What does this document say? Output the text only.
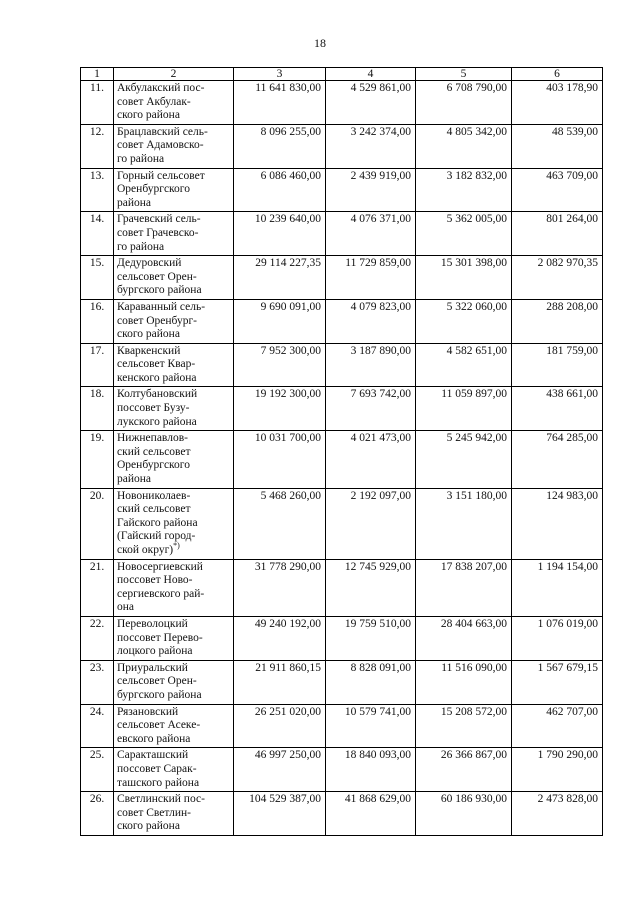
18
1	2	3	4	5	6
11.	Акбулакский пос-
совет Акбулак-
ского района	11 641 830,00	4 529 861,00	6 708 790,00	403 178,90
12.	Брацлавский сель-
совет Адамовско-
го района	8 096 255,00	3 242 374,00	4 805 342,00	48 539,00
13.	Горный сельсовет
Оренбургского
района	6 086 460,00	2 439 919,00	3 182 832,00	463 709,00
14.	Грачевский сель-
совет Грачевско-
го района	10 239 640,00	4 076 371,00	5 362 005,00	801 264,00
15.	Дедуровский
сельсовет Орен-
бургского района	29 114 227,35	11 729 859,00	15 301 398,00	2 082 970,35
16.	Караванный сель-
совет Оренбург-
ского района	9 690 091,00	4 079 823,00	5 322 060,00	288 208,00
17.	Кваркенский
сельсовет Квар-
кенского района	7 952 300,00	3 187 890,00	4 582 651,00	181 759,00
18.	Колтубановский
поссовет Бузу-
лукского района	19 192 300,00	7 693 742,00	11 059 897,00	438 661,00
19.	Нижнепавлов-
ский сельсовет
Оренбургского
района	10 031 700,00	4 021 473,00	5 245 942,00	764 285,00
20.	Новониколаев-
ский сельсовет
Гайского района
(Гайский город-
ской округ)*)	5 468 260,00	2 192 097,00	3 151 180,00	124 983,00
21.	Новосергиевский
поссовет Ново-
сергиевского рай-
она	31 778 290,00	12 745 929,00	17 838 207,00	1 194 154,00
22.	Переволоцкий
поссовет Перево-
лоцкого района	49 240 192,00	19 759 510,00	28 404 663,00	1 076 019,00
23.	Приуральский
сельсовет Орен-
бургского района	21 911 860,15	8 828 091,00	11 516 090,00	1 567 679,15
24.	Рязановский
сельсовет Асеке-
евского района	26 251 020,00	10 579 741,00	15 208 572,00	462 707,00
25.	Саракташский
поссовет Сарак-
ташского района	46 997 250,00	18 840 093,00	26 366 867,00	1 790 290,00
26.	Светлинский пос-
совет Светлин-
ского района	104 529 387,00	41 868 629,00	60 186 930,00	2 473 828,00
